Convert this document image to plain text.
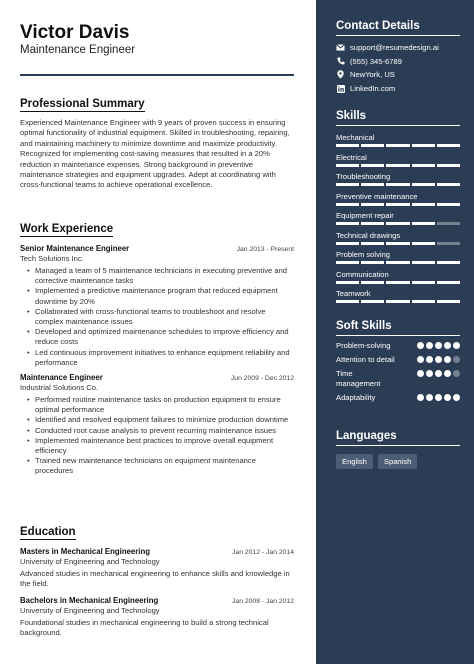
Victor Davis
Maintenance Engineer
Professional Summary
Experienced Maintenance Engineer with 9 years of proven success in ensuring optimal functionality of industrial equipment. Skilled in troubleshooting, repairing, and maintaining machinery to minimize downtime and maximize productivity. Recognized for implementing cost-saving measures that resulted in a 20% reduction in maintenance expenses. Strong background in preventive maintenance strategies and equipment upgrades. Adept at coordinating with cross-functional teams to achieve operational excellence.
Work Experience
Senior Maintenance Engineer	Jan 2013 - Present
Tech Solutions Inc.
• Managed a team of 5 maintenance technicians in executing preventive and corrective maintenance tasks
• Implemented a predictive maintenance program that reduced equipment downtime by 20%
• Collaborated with cross-functional teams to troubleshoot and resolve complex maintenance issues
• Developed and optimized maintenance schedules to improve efficiency and reduce costs
• Led continuous improvement initiatives to enhance equipment reliability and performance
Maintenance Engineer	Jun 2009 - Dec 2012
Industrial Solutions Co.
• Performed routine maintenance tasks on production equipment to ensure optimal performance
• Identified and resolved equipment failures to minimize production downtime
• Conducted root cause analysis to prevent recurring maintenance issues
• Implemented maintenance best practices to improve overall equipment efficiency
• Trained new maintenance technicians on equipment maintenance procedures
Education
Masters in Mechanical Engineering	Jan 2012 - Jan 2014
University of Engineering and Technology
Advanced studies in mechanical engineering to enhance skills and knowledge in the field.
Bachelors in Mechanical Engineering	Jan 2008 - Jan 2012
University of Engineering and Technology
Foundational studies in mechanical engineering to build a strong technical background.
Contact Details
support@resumedesign.ai
(555) 345-6789
NewYork, US
LinkedIn.com
Skills
Mechanical
Electrical
Troubleshooting
Preventive maintenance
Equipment repair
Technical drawings
Problem solving
Communication
Teamwork
Soft Skills
Problem-solving
Attention to detail
Time management
Adaptability
Languages
English	Spanish
